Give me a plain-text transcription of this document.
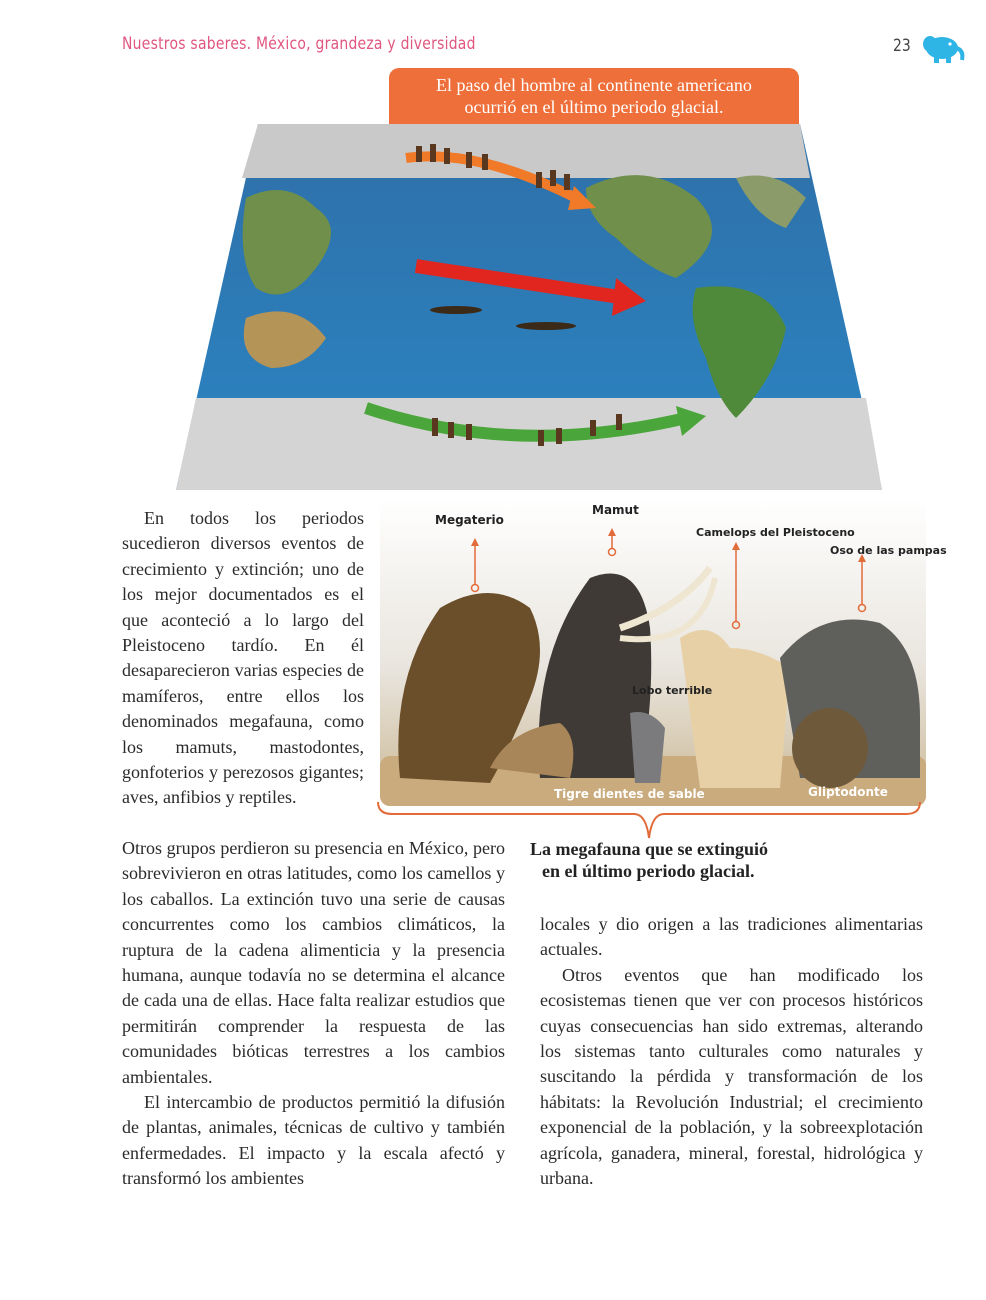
Nuestros saberes. México, grandeza y diversidad	23
El paso del hombre al continente americano
ocurrió en el último periodo glacial.
Megaterio
Mamut
Camelops del Pleistoceno
Oso de las pampas
Lobo terrible
Tigre dientes de sable	Gliptodonte
La megafauna que se extinguió
en el último periodo glacial.

En todos los periodos sucedieron diversos eventos de crecimiento y extinción; uno de los mejor documentados es el que aconteció a lo largo del Pleistoceno tardío. En él desaparecieron varias especies de mamíferos, entre ellos los denominados megafauna, como los mamuts, mastodontes, gonfoterios y perezosos gigantes; aves, anfibios y reptiles.

Otros grupos perdieron su presencia en México, pero sobrevivieron en otras latitudes, como los camellos y los caballos. La extinción tuvo una serie de causas concurrentes como los cambios climáticos, la ruptura de la cadena alimenticia y la presencia humana, aunque todavía no se determina el alcance de cada una de ellas. Hace falta realizar estudios que permitirán comprender la respuesta de las comunidades bióticas terrestres a los cambios ambientales.

El intercambio de productos permitió la difusión de plantas, animales, técnicas de cultivo y también enfermedades. El impacto y la escala afectó y transformó los ambientes

locales y dio origen a las tradiciones alimentarias actuales.

Otros eventos que han modificado los ecosistemas tienen que ver con procesos históricos cuyas consecuencias han sido extremas, alterando los sistemas tanto culturales como naturales y suscitando la pérdida y transformación de los hábitats: la Revolución Industrial; el crecimiento exponencial de la población, y la sobreexplotación agrícola, ganadera, mineral, forestal, hidrológica y urbana.
